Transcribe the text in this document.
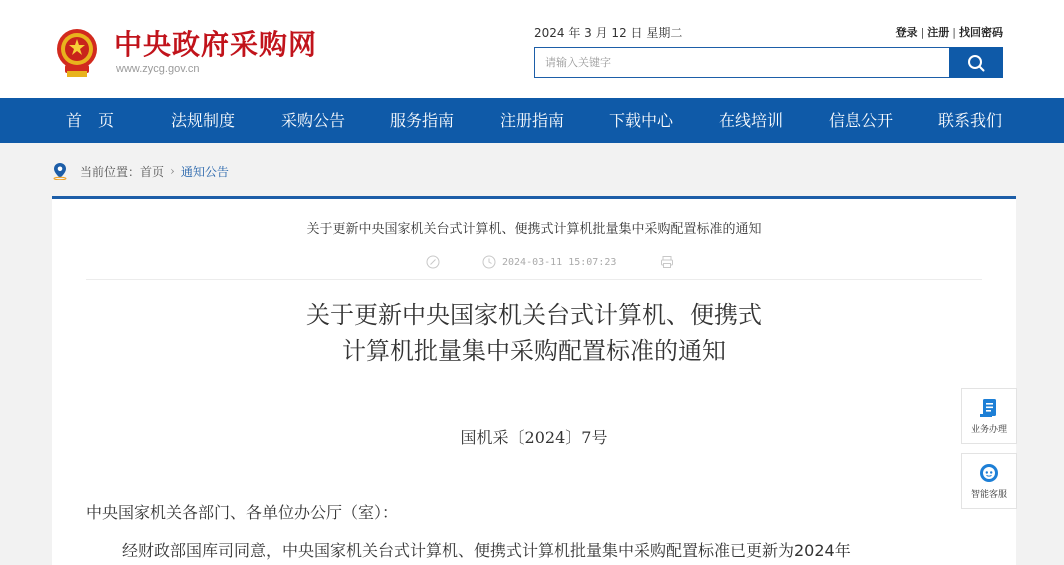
中央政府采购网
www.zycg.gov.cn
2024 年 3 月 12 日 星期二	登录 | 注册 | 找回密码
请输入关键字
首　页	法规制度	采购公告	服务指南	注册指南	下载中心	在线培训	信息公开	联系我们
当前位置： 首页 › 通知公告
关于更新中央国家机关台式计算机、便携式计算机批量集中采购配置标准的通知
2024-03-11 15:07:23
关于更新中央国家机关台式计算机、便携式
计算机批量集中采购配置标准的通知
国机采〔2024〕7号
中央国家机关各部门、各单位办公厅（室）：
经财政部国库司同意，中央国家机关台式计算机、便携式计算机批量集中采购配置标准已更新为2024年
业务办理
智能客服
